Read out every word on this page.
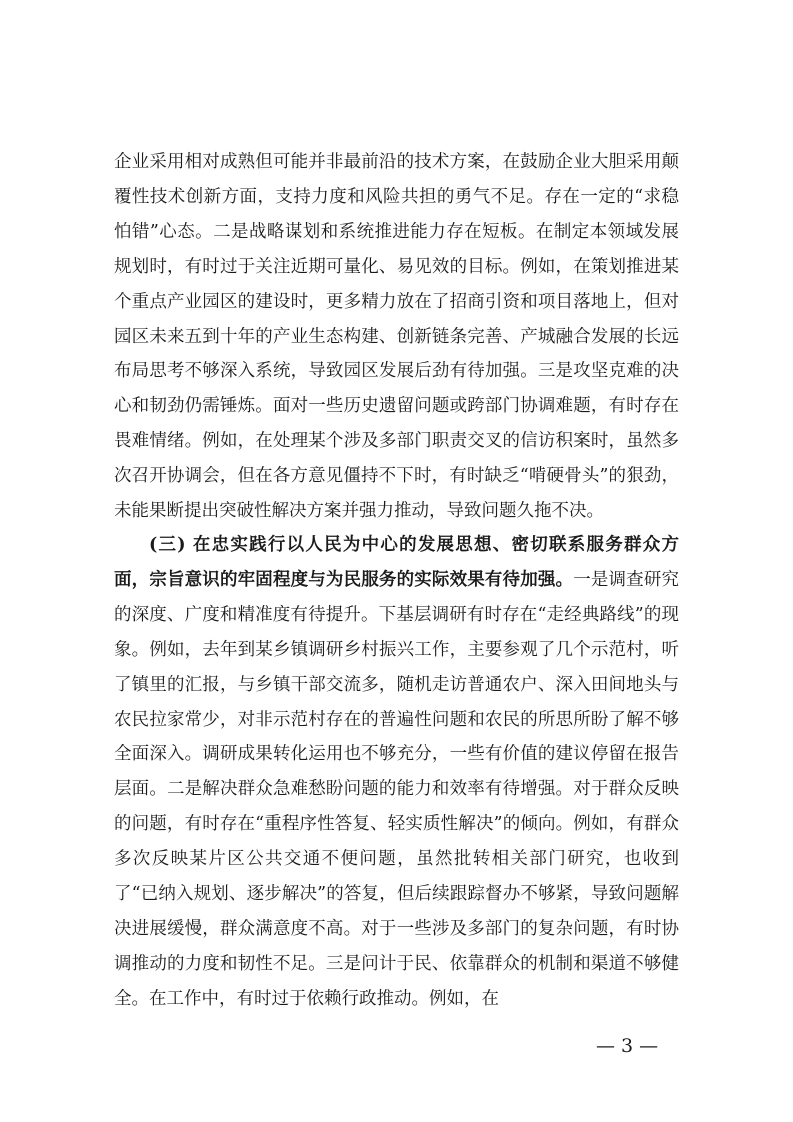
企业采用相对成熟但可能并非最前沿的技术方案，在鼓励企业大胆采用颠覆性技术创新方面，支持力度和风险共担的勇气不足。存在一定的“求稳怕错”心态。二是战略谋划和系统推进能力存在短板。在制定本领域发展规划时，有时过于关注近期可量化、易见效的目标。例如，在策划推进某个重点产业园区的建设时，更多精力放在了招商引资和项目落地上，但对园区未来五到十年的产业生态构建、创新链条完善、产城融合发展的长远布局思考不够深入系统，导致园区发展后劲有待加强。三是攻坚克难的决心和韧劲仍需锤炼。面对一些历史遗留问题或跨部门协调难题，有时存在畏难情绪。例如，在处理某个涉及多部门职责交叉的信访积案时，虽然多次召开协调会，但在各方意见僵持不下时，有时缺乏“啃硬骨头”的狠劲，未能果断提出突破性解决方案并强力推动，导致问题久拖不决。

(三) 在忠实践行以人民为中心的发展思想、密切联系服务群众方面，宗旨意识的牢固程度与为民服务的实际效果有待加强。一是调查研究的深度、广度和精准度有待提升。下基层调研有时存在“走经典路线”的现象。例如，去年到某乡镇调研乡村振兴工作，主要参观了几个示范村，听了镇里的汇报，与乡镇干部交流多，随机走访普通农户、深入田间地头与农民拉家常少，对非示范村存在的普遍性问题和农民的所思所盼了解不够全面深入。调研成果转化运用也不够充分，一些有价值的建议停留在报告层面。二是解决群众急难愁盼问题的能力和效率有待增强。对于群众反映的问题，有时存在“重程序性答复、轻实质性解决”的倾向。例如，有群众多次反映某片区公共交通不便问题，虽然批转相关部门研究，也收到了“已纳入规划、逐步解决”的答复，但后续跟踪督办不够紧，导致问题解决进展缓慢，群众满意度不高。对于一些涉及多部门的复杂问题，有时协调推动的力度和韧性不足。三是问计于民、依靠群众的机制和渠道不够健全。在工作中，有时过于依赖行政推动。例如，在

— 3 —
